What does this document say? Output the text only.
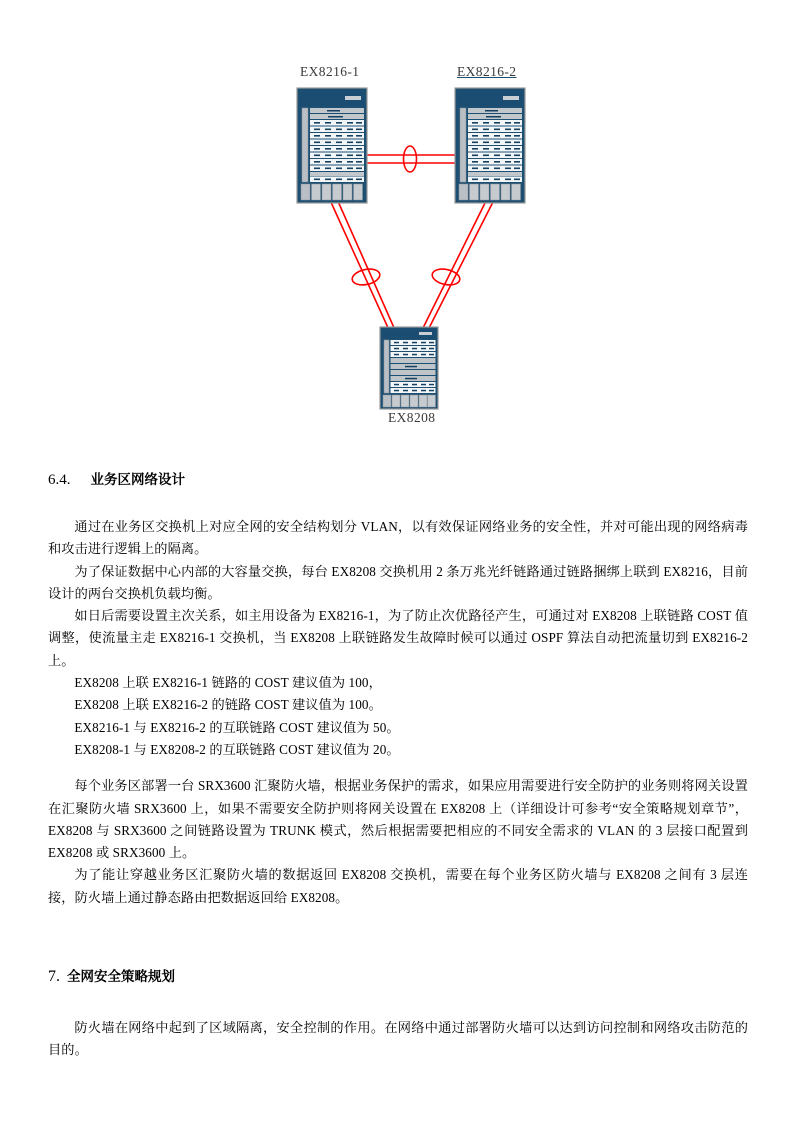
EX8216-1	EX8216-2
EX8208
6.4. 业务区网络设计

通过在业务区交换机上对应全网的安全结构划分 VLAN，以有效保证网络业务的安全性，并对可能出现的网络病毒和攻击进行逻辑上的隔离。

为了保证数据中心内部的大容量交换，每台 EX8208 交换机用 2 条万兆光纤链路通过链路捆绑上联到 EX8216，目前设计的两台交换机负载均衡。

如日后需要设置主次关系，如主用设备为 EX8216-1，为了防止次优路径产生，可通过对 EX8208 上联链路 COST 值调整，使流量主走 EX8216-1 交换机，当 EX8208 上联链路发生故障时候可以通过 OSPF 算法自动把流量切到 EX8216-2 上。

EX8208 上联 EX8216-1 链路的 COST 建议值为 100，

EX8208 上联 EX8216-2 的链路 COST 建议值为 100。

EX8216-1 与 EX8216-2 的互联链路 COST 建议值为 50。

EX8208-1 与 EX8208-2 的互联链路 COST 建议值为 20。

每个业务区部署一台 SRX3600 汇聚防火墙，根据业务保护的需求，如果应用需要进行安全防护的业务则将网关设置在汇聚防火墙 SRX3600 上，如果不需要安全防护则将网关设置在 EX8208 上（详细设计可参考“安全策略规划章节”， EX8208 与 SRX3600 之间链路设置为 TRUNK 模式，然后根据需要把相应的不同安全需求的 VLAN 的 3 层接口配置到 EX8208 或 SRX3600 上。

为了能让穿越业务区汇聚防火墙的数据返回 EX8208 交换机，需要在每个业务区防火墙与 EX8208 之间有 3 层连接，防火墙上通过静态路由把数据返回给 EX8208。

7. 全网安全策略规划

防火墙在网络中起到了区域隔离，安全控制的作用。在网络中通过部署防火墙可以达到访问控制和网络攻击防范的目的。
